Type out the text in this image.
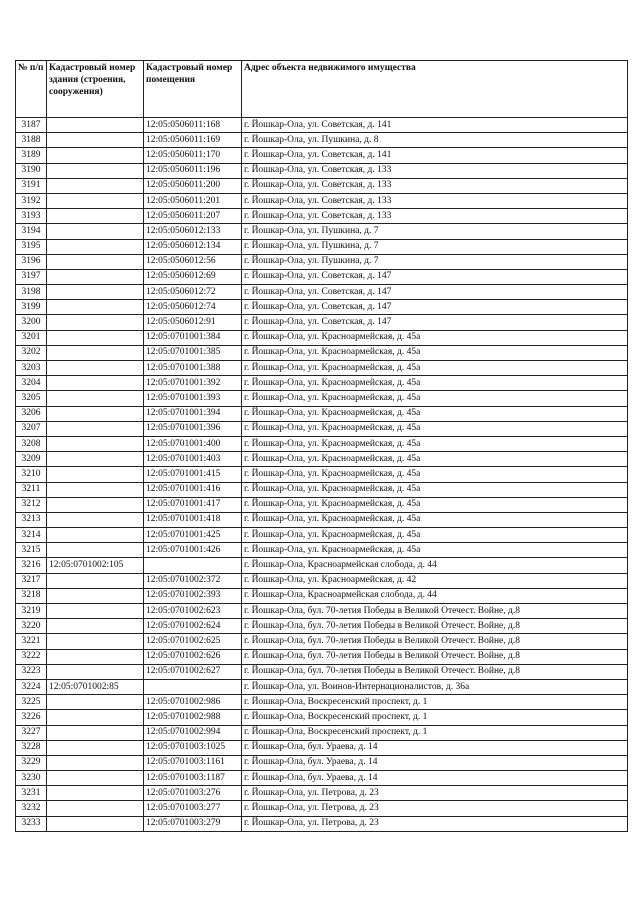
№ п/п	Кадастровый номер здания (строения, сооружения)	Кадастровый номер помещения	Адрес объекта недвижимого имущества
3187		12:05:0506011:168	г. Йошкар-Ола, ул. Советская, д. 141
3188		12:05:0506011:169	г. Йошкар-Ола, ул. Пушкина, д. 8
3189		12:05:0506011:170	г. Йошкар-Ола, ул. Советская, д. 141
3190		12:05:0506011:196	г. Йошкар-Ола, ул. Советская, д. 133
3191		12:05:0506011:200	г. Йошкар-Ола, ул. Советская, д. 133
3192		12:05:0506011:201	г. Йошкар-Ола, ул. Советская, д. 133
3193		12:05:0506011:207	г. Йошкар-Ола, ул. Советская, д. 133
3194		12:05:0506012:133	г. Йошкар-Ола, ул. Пушкина, д. 7
3195		12:05:0506012:134	г. Йошкар-Ола, ул. Пушкина, д. 7
3196		12:05:0506012:56	г. Йошкар-Ола, ул. Пушкина, д. 7
3197		12:05:0506012:69	г. Йошкар-Ола, ул. Советская, д. 147
3198		12:05:0506012:72	г. Йошкар-Ола, ул. Советская, д. 147
3199		12:05:0506012:74	г. Йошкар-Ола, ул. Советская, д. 147
3200		12:05:0506012:91	г. Йошкар-Ола, ул. Советская, д. 147
3201		12:05:0701001:384	г. Йошкар-Ола, ул. Красноармейская, д. 45а
3202		12:05:0701001:385	г. Йошкар-Ола, ул. Красноармейская, д. 45а
3203		12:05:0701001:388	г. Йошкар-Ола, ул. Красноармейская, д. 45а
3204		12:05:0701001:392	г. Йошкар-Ола, ул. Красноармейская, д. 45а
3205		12:05:0701001:393	г. Йошкар-Ола, ул. Красноармейская, д. 45а
3206		12:05:0701001:394	г. Йошкар-Ола, ул. Красноармейская, д. 45а
3207		12:05:0701001:396	г. Йошкар-Ола, ул. Красноармейская, д. 45а
3208		12:05:0701001:400	г. Йошкар-Ола, ул. Красноармейская, д. 45а
3209		12:05:0701001:403	г. Йошкар-Ола, ул. Красноармейская, д. 45а
3210		12:05:0701001:415	г. Йошкар-Ола, ул. Красноармейская, д. 45а
3211		12:05:0701001:416	г. Йошкар-Ола, ул. Красноармейская, д. 45а
3212		12:05:0701001:417	г. Йошкар-Ола, ул. Красноармейская, д. 45а
3213		12:05:0701001:418	г. Йошкар-Ола, ул. Красноармейская, д. 45а
3214		12:05:0701001:425	г. Йошкар-Ола, ул. Красноармейская, д. 45а
3215		12:05:0701001:426	г. Йошкар-Ола, ул. Красноармейская, д. 45а
3216	12:05:0701002:105		г. Йошкар-Ола, Красноармейская слобода, д. 44
3217		12:05:0701002:372	г. Йошкар-Ола, ул. Красноармейская, д. 42
3218		12:05:0701002:393	г. Йошкар-Ола, Красноармейская слобода, д. 44
3219		12:05:0701002:623	г. Йошкар-Ола, бул. 70-летия Победы в Великой Отечест. Войне, д.8
3220		12:05:0701002:624	г. Йошкар-Ола, бул. 70-летия Победы в Великой Отечест. Войне, д.8
3221		12:05:0701002:625	г. Йошкар-Ола, бул. 70-летия Победы в Великой Отечест. Войне, д.8
3222		12:05:0701002:626	г. Йошкар-Ола, бул. 70-летия Победы в Великой Отечест. Войне, д.8
3223		12:05:0701002:627	г. Йошкар-Ола, бул. 70-летия Победы в Великой Отечест. Войне, д.8
3224	12:05:0701002:85		г. Йошкар-Ола, ул. Воинов-Интернационалистов, д. 36а
3225		12:05:0701002:986	г. Йошкар-Ола, Воскресенский проспект, д. 1
3226		12:05:0701002:988	г. Йошкар-Ола, Воскресенский проспект, д. 1
3227		12:05:0701002:994	г. Йошкар-Ола, Воскресенский проспект, д. 1
3228		12:05:0701003:1025	г. Йошкар-Ола, бул. Ураева, д. 14
3229		12:05:0701003:1161	г. Йошкар-Ола, бул. Ураева, д. 14
3230		12:05:0701003:1187	г. Йошкар-Ола, бул. Ураева, д. 14
3231		12:05:0701003:276	г. Йошкар-Ола, ул. Петрова, д. 23
3232		12:05:0701003:277	г. Йошкар-Ола, ул. Петрова, д. 23
3233		12:05:0701003:279	г. Йошкар-Ола, ул. Петрова, д. 23
